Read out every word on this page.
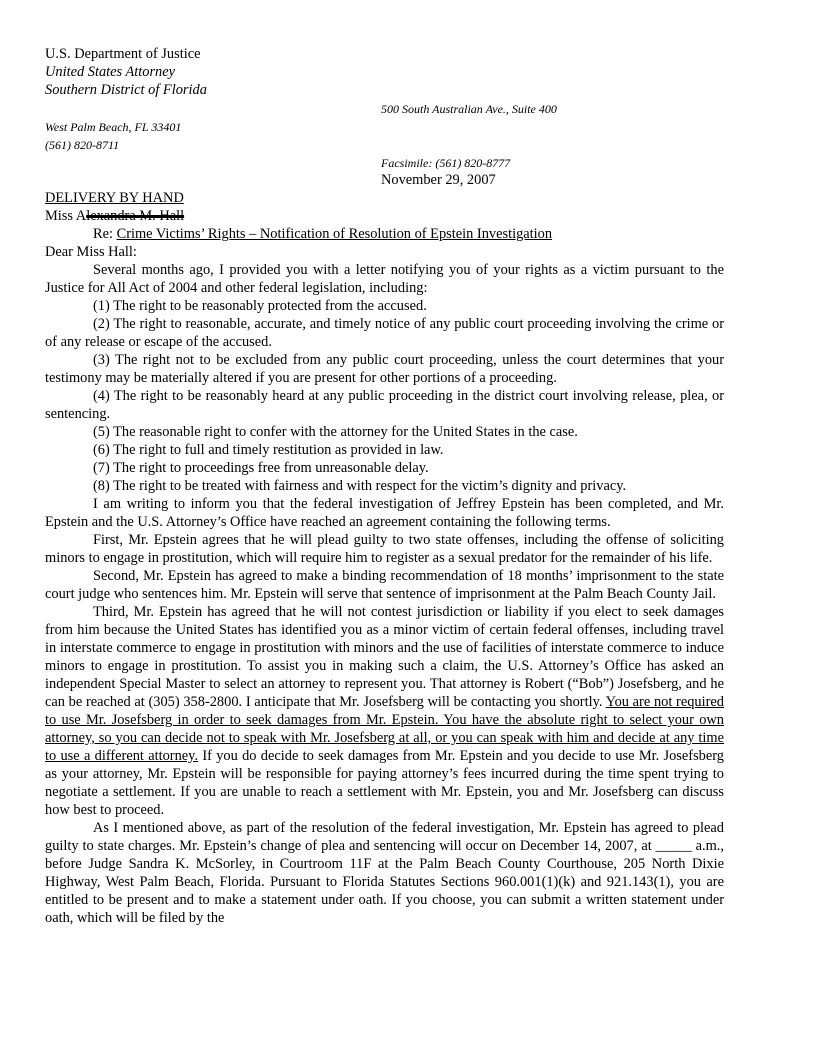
U.S. Department of Justice
United States Attorney
Southern District of Florida
500 South Australian Ave., Suite 400
West Palm Beach, FL 33401
(561) 820-8711
Facsimile: (561) 820-8777
November 29, 2007
DELIVERY BY HAND
Miss Alexandra M. Hall
Re: Crime Victims’ Rights – Notification of Resolution of Epstein Investigation
Dear Miss Hall:

Several months ago, I provided you with a letter notifying you of your rights as a victim pursuant to the Justice for All Act of 2004 and other federal legislation, including:

(1) The right to be reasonably protected from the accused.

(2) The right to reasonable, accurate, and timely notice of any public court proceeding involving the crime or of any release or escape of the accused.

(3) The right not to be excluded from any public court proceeding, unless the court determines that your testimony may be materially altered if you are present for other portions of a proceeding.

(4) The right to be reasonably heard at any public proceeding in the district court involving release, plea, or sentencing.

(5) The reasonable right to confer with the attorney for the United States in the case.

(6) The right to full and timely restitution as provided in law.

(7) The right to proceedings free from unreasonable delay.

(8) The right to be treated with fairness and with respect for the victim’s dignity and privacy.

I am writing to inform you that the federal investigation of Jeffrey Epstein has been completed, and Mr. Epstein and the U.S. Attorney’s Office have reached an agreement containing the following terms.

First, Mr. Epstein agrees that he will plead guilty to two state offenses, including the offense of soliciting minors to engage in prostitution, which will require him to register as a sexual predator for the remainder of his life.

Second, Mr. Epstein has agreed to make a binding recommendation of 18 months’ imprisonment to the state court judge who sentences him. Mr. Epstein will serve that sentence of imprisonment at the Palm Beach County Jail.

Third, Mr. Epstein has agreed that he will not contest jurisdiction or liability if you elect to seek damages from him because the United States has identified you as a minor victim of certain federal offenses, including travel in interstate commerce to engage in prostitution with minors and the use of facilities of interstate commerce to induce minors to engage in prostitution. To assist you in making such a claim, the U.S. Attorney’s Office has asked an independent Special Master to select an attorney to represent you. That attorney is Robert (“Bob”) Josefsberg, and he can be reached at (305) 358-2800. I anticipate that Mr. Josefsberg will be contacting you shortly. You are not required to use Mr. Josefsberg in order to seek damages from Mr. Epstein. You have the absolute right to select your own attorney, so you can decide not to speak with Mr. Josefsberg at all, or you can speak with him and decide at any time to use a different attorney. If you do decide to seek damages from Mr. Epstein and you decide to use Mr. Josefsberg as your attorney, Mr. Epstein will be responsible for paying attorney’s fees incurred during the time spent trying to negotiate a settlement. If you are unable to reach a settlement with Mr. Epstein, you and Mr. Josefsberg can discuss how best to proceed.

As I mentioned above, as part of the resolution of the federal investigation, Mr. Epstein has agreed to plead guilty to state charges. Mr. Epstein’s change of plea and sentencing will occur on December 14, 2007, at _____ a.m., before Judge Sandra K. McSorley, in Courtroom 11F at the Palm Beach County Courthouse, 205 North Dixie Highway, West Palm Beach, Florida. Pursuant to Florida Statutes Sections 960.001(1)(k) and 921.143(1), you are entitled to be present and to make a statement under oath. If you choose, you can submit a written statement under oath, which will be filed by the
